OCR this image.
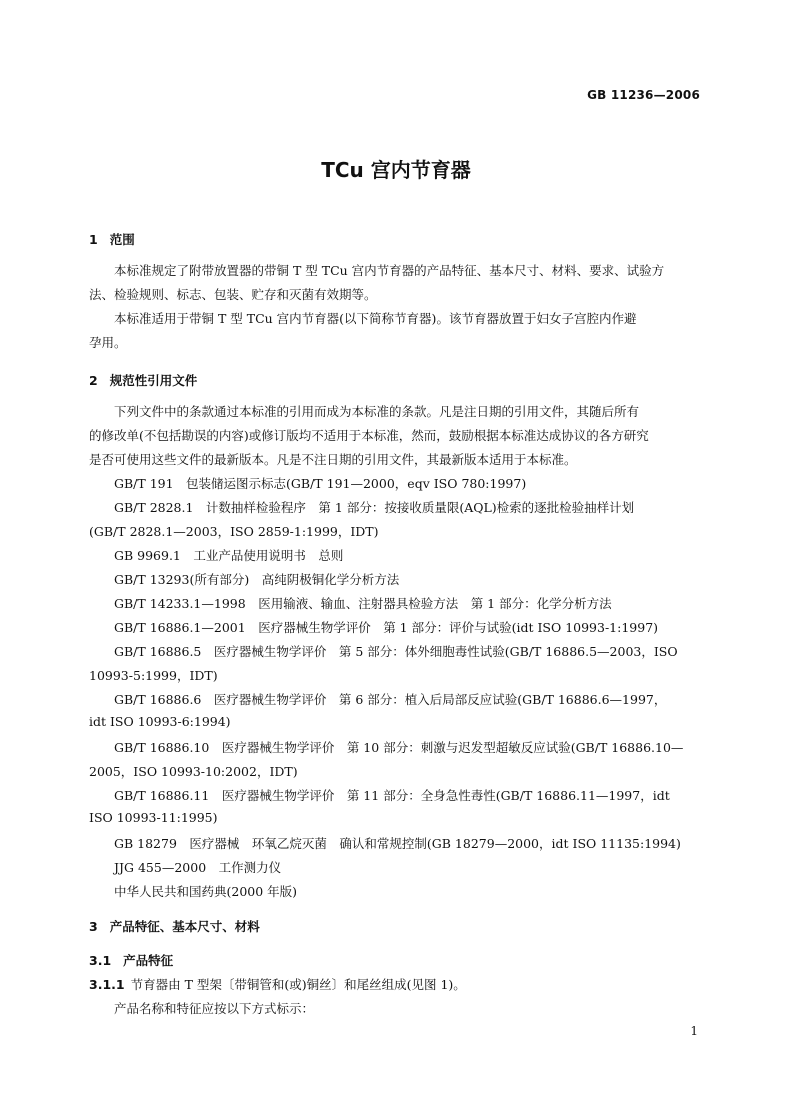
GB 11236—2006
TCu 宫内节育器
1 范围
本标准规定了附带放置器的带铜 T 型 TCu 宫内节育器的产品特征、基本尺寸、材料、要求、试验方
法、检验规则、标志、包装、贮存和灭菌有效期等。
本标准适用于带铜 T 型 TCu 宫内节育器(以下简称节育器)。该节育器放置于妇女子宫腔内作避
孕用。
2 规范性引用文件
下列文件中的条款通过本标准的引用而成为本标准的条款。凡是注日期的引用文件，其随后所有
的修改单(不包括勘误的内容)或修订版均不适用于本标准，然而，鼓励根据本标准达成协议的各方研究
是否可使用这些文件的最新版本。凡是不注日期的引用文件，其最新版本适用于本标准。
GB/T 191　包装储运图示标志(GB/T 191—2000，eqv ISO 780:1997)
GB/T 2828.1　计数抽样检验程序　第 1 部分：按接收质量限(AQL)检索的逐批检验抽样计划
(GB/T 2828.1—2003，ISO 2859-1:1999，IDT)
GB 9969.1　工业产品使用说明书　总则
GB/T 13293(所有部分)　高纯阴极铜化学分析方法
GB/T 14233.1—1998　医用输液、输血、注射器具检验方法　第 1 部分：化学分析方法
GB/T 16886.1—2001　医疗器械生物学评价　第 1 部分：评价与试验(idt ISO 10993-1:1997)
GB/T 16886.5　医疗器械生物学评价　第 5 部分：体外细胞毒性试验(GB/T 16886.5—2003，ISO
10993-5:1999，IDT)
GB/T 16886.6　医疗器械生物学评价　第 6 部分：植入后局部反应试验(GB/T 16886.6—1997，
idt ISO 10993-6:1994)
GB/T 16886.10　医疗器械生物学评价　第 10 部分：刺激与迟发型超敏反应试验(GB/T 16886.10—
2005，ISO 10993-10:2002，IDT)
GB/T 16886.11　医疗器械生物学评价　第 11 部分：全身急性毒性(GB/T 16886.11—1997，idt
ISO 10993-11:1995)
GB 18279　医疗器械　环氧乙烷灭菌　确认和常规控制(GB 18279—2000，idt ISO 11135:1994)
JJG 455—2000　工作测力仪
中华人民共和国药典(2000 年版)
3 产品特征、基本尺寸、材料
3.1 产品特征
3.1.1 节育器由 T 型架〔带铜管和(或)铜丝〕和尾丝组成(见图 1)。
产品名称和特征应按以下方式标示：
1
